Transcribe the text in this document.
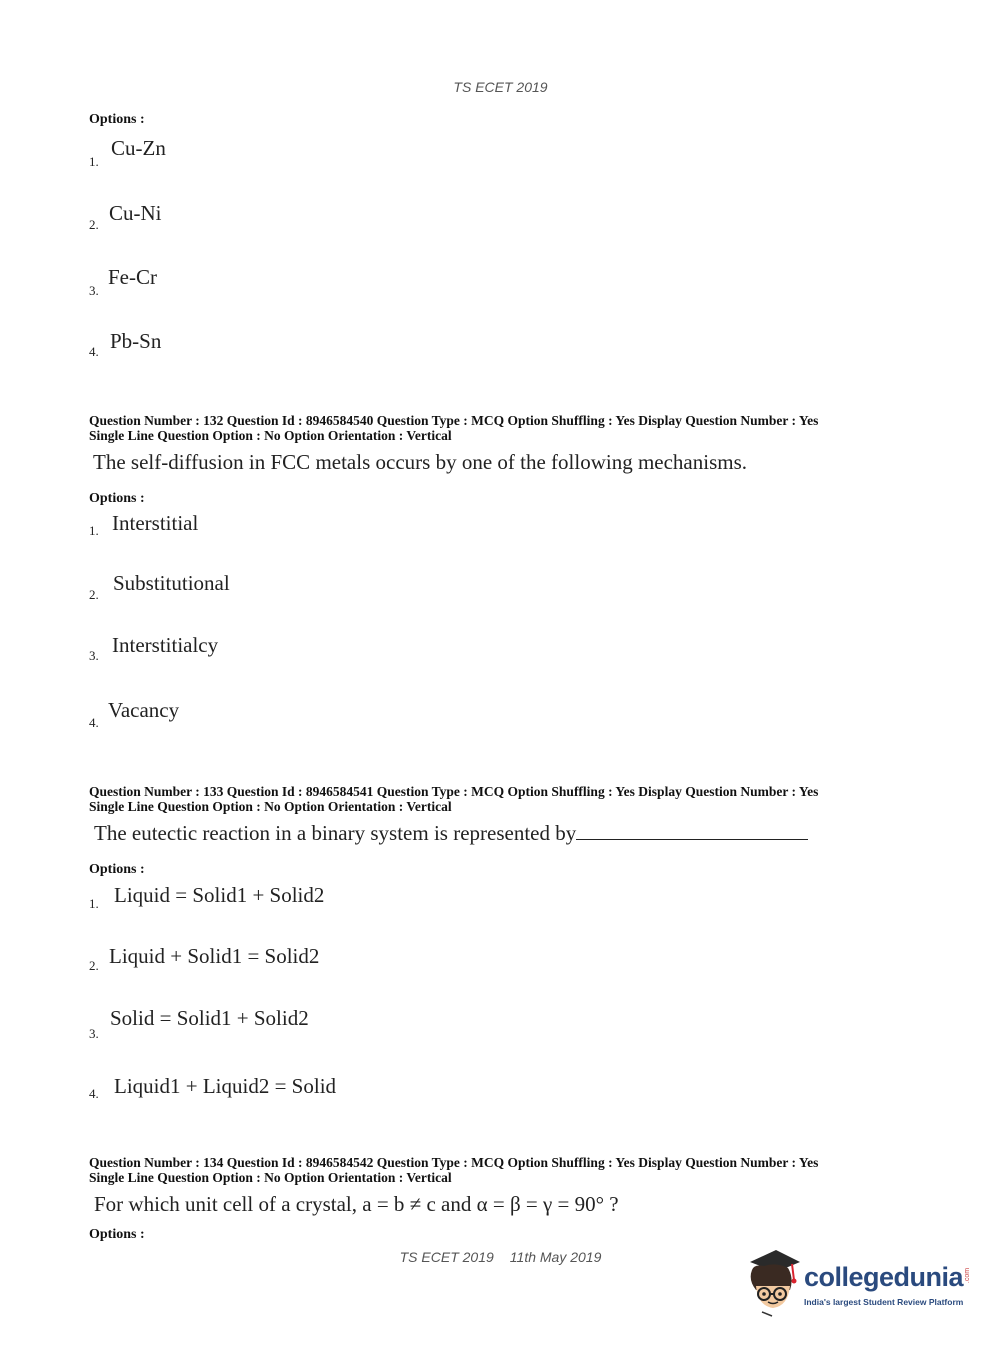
TS ECET 2019
Options :
1.
Cu-Zn
2. Cu-Ni
3.
Fe-Cr
4. Pb-Sn
Question Number : 132 Question Id : 8946584540 Question Type : MCQ Option Shuffling : Yes Display Question Number : Yes
Single Line Question Option : No Option Orientation : Vertical
The self-diffusion in FCC metals occurs by one of the following mechanisms.
Options :
1. Interstitial
2. Substitutional
3. Interstitialcy
4.
Vacancy
Question Number : 133 Question Id : 8946584541 Question Type : MCQ Option Shuffling : Yes Display Question Number : Yes
Single Line Question Option : No Option Orientation : Vertical
The eutectic reaction in a binary system is represented by
Options :
1. Liquid = Solid1 + Solid2
2. Liquid + Solid1 = Solid2
3.
Solid = Solid1 + Solid2
4. Liquid1 + Liquid2 = Solid
Question Number : 134 Question Id : 8946584542 Question Type : MCQ Option Shuffling : Yes Display Question Number : Yes
Single Line Question Option : No Option Orientation : Vertical
For which unit cell of a crystal, a = b ≠ c and α = β = γ = 90° ?
Options :
TS ECET 2019 11th May 2019
collegedunia .com
India's largest Student Review Platform
